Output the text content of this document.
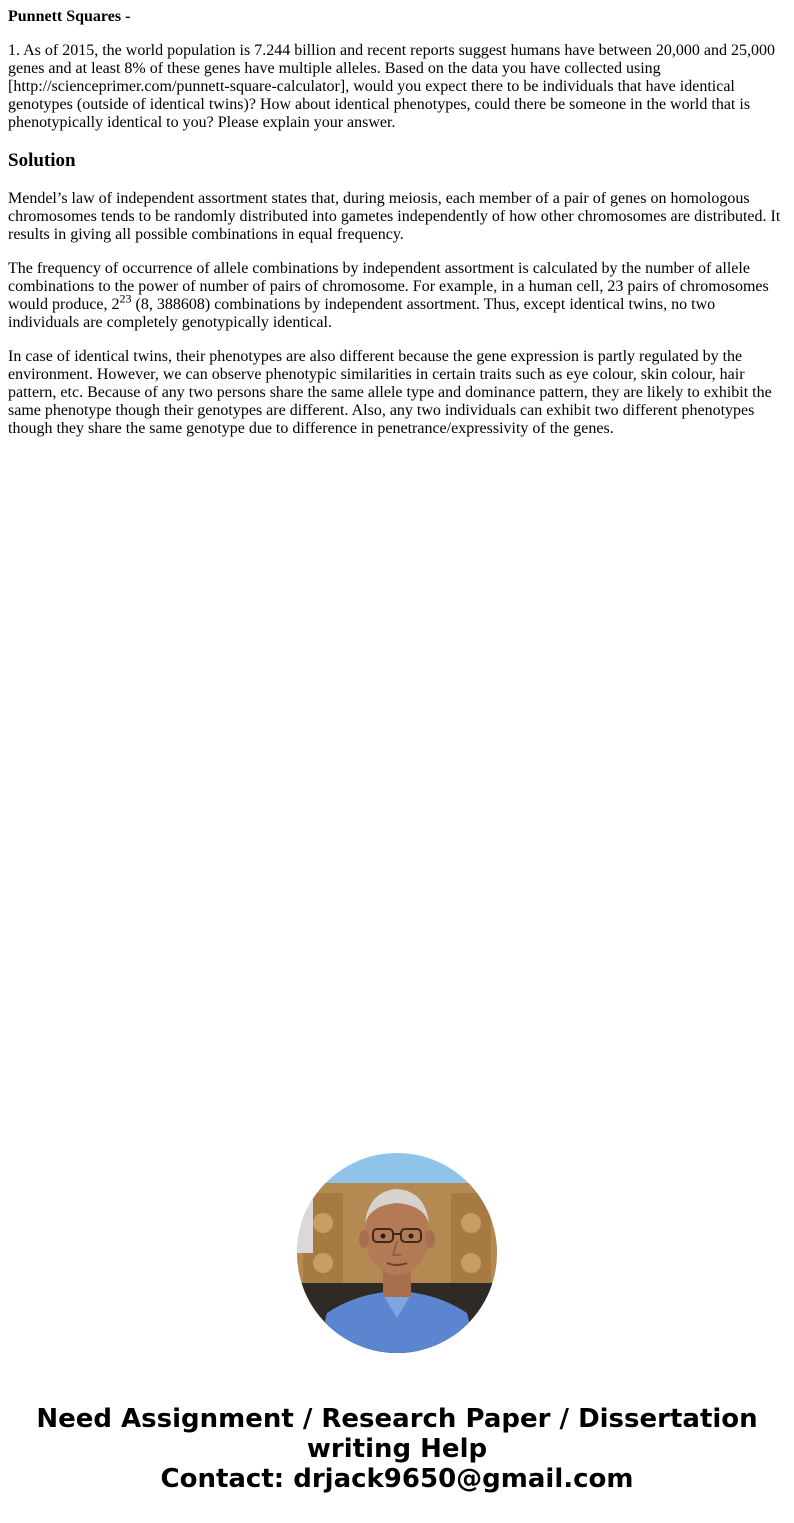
Punnett Squares -
1. As of 2015, the world population is 7.244 billion and recent reports suggest humans have between 20,000 and 25,000 genes and at least 8% of these genes have multiple alleles. Based on the data you have collected using [http://scienceprimer.com/punnett-square-calculator], would you expect there to be individuals that have identical genotypes (outside of identical twins)? How about identical phenotypes, could there be someone in the world that is phenotypically identical to you? Please explain your answer.
Solution
Mendel’s law of independent assortment states that, during meiosis, each member of a pair of genes on homologous chromosomes tends to be randomly distributed into gametes independently of how other chromosomes are distributed. It results in giving all possible combinations in equal frequency.
The frequency of occurrence of allele combinations by independent assortment is calculated by the number of allele combinations to the power of number of pairs of chromosome. For example, in a human cell, 23 pairs of chromosomes would produce, $2^{23}$ (8, 388608) combinations by independent assortment. Thus, except identical twins, no two individuals are completely genotypically identical.
In case of identical twins, their phenotypes are also different because the gene expression is partly regulated by the environment. However, we can observe phenotypic similarities in certain traits such as eye colour, skin colour, hair pattern, etc. Because of any two persons share the same allele type and dominance pattern, they are likely to exhibit the same phenotype though their genotypes are different. Also, any two individuals can exhibit two different phenotypes though they share the same genotype due to difference in penetrance/expressivity of the genes.
Need Assignment / Research Paper / Dissertation
writing Help
Contact: drjack9650@gmail.com
